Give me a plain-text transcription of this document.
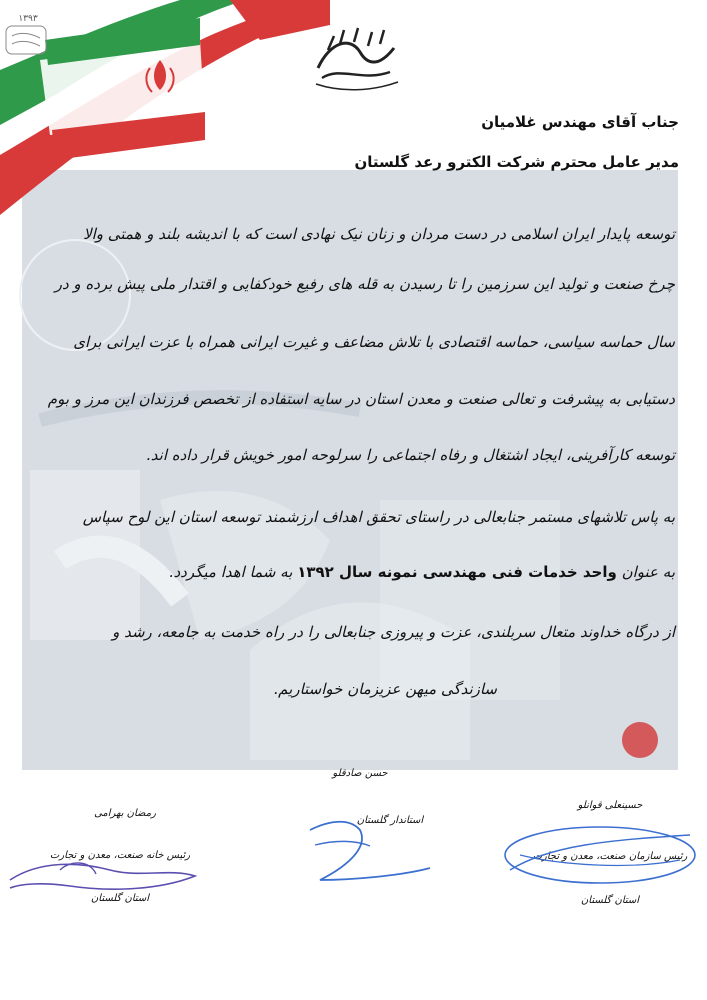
۱۳۹۳
بسم الله الرحمن الرحیم
جناب آقای مهندس غلامیان
مدیر عامل محترم شرکت الکترو رعد گلستان
توسعه پایدار ایران اسلامی در دست مردان و زنان نیک نهادی است که با اندیشه بلند و همتی والا
چرخ صنعت و تولید این سرزمین را تا رسیدن به قله های رفیع خودکفایی و اقتدار ملی پیش برده و در
سال حماسه سیاسی، حماسه اقتصادی با تلاش مضاعف و غیرت ایرانی همراه با عزت ایرانی برای
دستیابی به پیشرفت و تعالی صنعت و معدن استان در سایه استفاده از تخصص فرزندان این مرز و بوم
توسعه کارآفرینی، ایجاد اشتغال و رفاه اجتماعی را سرلوحه امور خویش قرار داده اند.
به پاس تلاشهای مستمر جنابعالی در راستای تحقق اهداف ارزشمند توسعه استان این لوح سپاس
به عنوان واحد خدمات فنی مهندسی نمونه سال ۱۳۹۲ به شما اهدا میگردد.
از درگاه خداوند متعال سربلندی، عزت و پیروزی جنابعالی را در راه خدمت به جامعه، رشد و
سازندگی میهن عزیزمان خواستاریم.
حسن صادقلو
استاندار گلستان
رمضان بهرامی
رئیس خانه صنعت، معدن و تجارت
استان گلستان
حسینعلی قوانلو
رئیس سازمان صنعت، معدن و تجارت
استان گلستان
